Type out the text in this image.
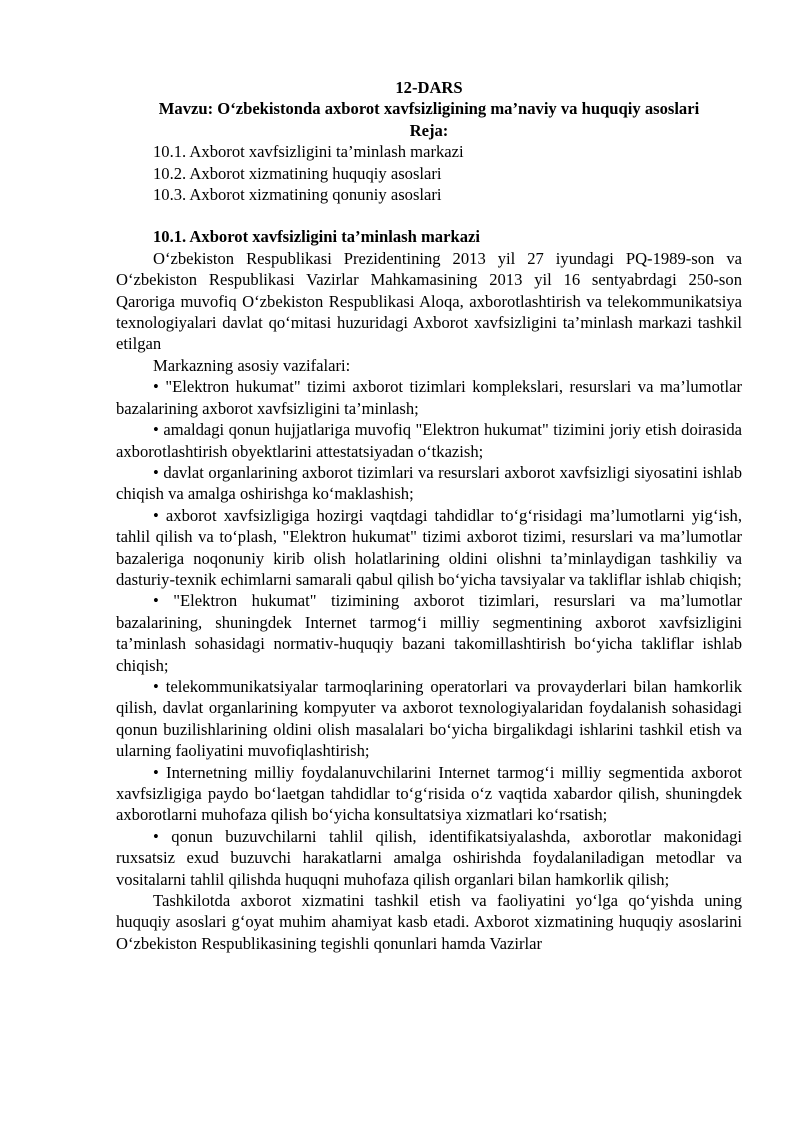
12-DARS
Mavzu: O‘zbekistonda axborot xavfsizligining ma’naviy va huquqiy asoslari
Reja:
10.1. Axborot xavfsizligini ta’minlash markazi
10.2. Axborot xizmatining huquqiy asoslari
10.3. Axborot xizmatining qonuniy asoslari
10.1. Axborot xavfsizligini ta’minlash markazi

O‘zbekiston Respublikasi Prezidentining 2013 yil 27 iyundagi PQ-1989-son va O‘zbekiston Respublikasi Vazirlar Mahkamasining 2013 yil 16 sentyabrdagi 250-son Qaroriga muvofiq O‘zbekiston Respublikasi Aloqa, axborotlashtirish va telekommunikatsiya texnologiyalari davlat qo‘mitasi huzuridagi Axborot xavfsizligini ta’minlash markazi tashkil etilgan

Markazning asosiy vazifalari:

• "Elektron hukumat" tizimi axborot tizimlari komplekslari, resurslari va ma’lumotlar bazalarining axborot xavfsizligini ta’minlash;

• amaldagi qonun hujjatlariga muvofiq "Elektron hukumat" tizimini joriy etish doirasida axborotlashtirish obyektlarini attestatsiyadan o‘tkazish;

• davlat organlarining axborot tizimlari va resurslari axborot xavfsizligi siyosatini ishlab chiqish va amalga oshirishga ko‘maklashish;

• axborot xavfsizligiga hozirgi vaqtdagi tahdidlar to‘g‘risidagi ma’lumotlarni yig‘ish, tahlil qilish va to‘plash, "Elektron hukumat" tizimi axborot tizimi, resurslari va ma’lumotlar bazaleriga noqonuniy kirib olish holatlarining oldini olishni ta’minlaydigan tashkiliy va dasturiy-texnik echimlarni samarali qabul qilish bo‘yicha tavsiyalar va takliflar ishlab chiqish;

• "Elektron hukumat" tizimining axborot tizimlari, resurslari va ma’lumotlar bazalarining, shuningdek Internet tarmog‘i milliy segmentining axborot xavfsizligini ta’minlash sohasidagi normativ-huquqiy bazani takomillashtirish bo‘yicha takliflar ishlab chiqish;

• telekommunikatsiyalar tarmoqlarining operatorlari va provayderlari bilan hamkorlik qilish, davlat organlarining kompyuter va axborot texnologiyalaridan foydalanish sohasidagi qonun buzilishlarining oldini olish masalalari bo‘yicha birgalikdagi ishlarini tashkil etish va ularning faoliyatini muvofiqlashtirish;

• Internetning milliy foydalanuvchilarini Internet tarmog‘i milliy segmentida axborot xavfsizligiga paydo bo‘laetgan tahdidlar to‘g‘risida o‘z vaqtida xabardor qilish, shuningdek axborotlarni muhofaza qilish bo‘yicha konsultatsiya xizmatlari ko‘rsatish;

• qonun buzuvchilarni tahlil qilish, identifikatsiyalashda, axborotlar makonidagi ruxsatsiz exud buzuvchi harakatlarni amalga oshirishda foydalaniladigan metodlar va vositalarni tahlil qilishda huquqni muhofaza qilish organlari bilan hamkorlik qilish;

Tashkilotda axborot xizmatini tashkil etish va faoliyatini yo‘lga qo‘yishda uning huquqiy asoslari g‘oyat muhim ahamiyat kasb etadi. Axborot xizmatining huquqiy asoslarini O‘zbekiston Respublikasining tegishli qonunlari hamda Vazirlar
